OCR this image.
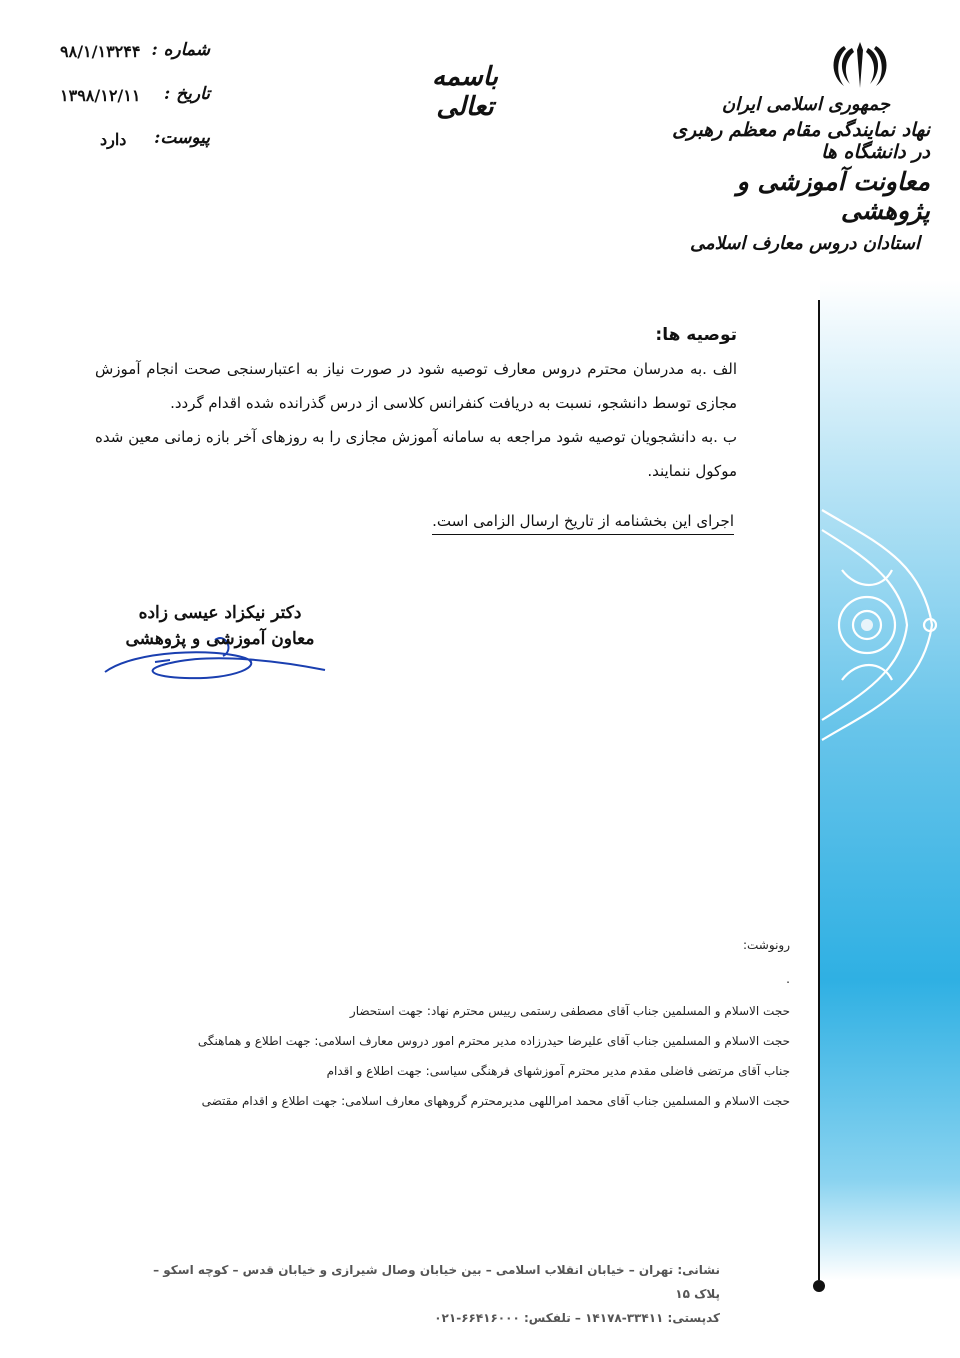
شماره :
۹۸/۱/۱۳۲۴۴
تاریخ :
۱۳۹۸/۱۲/۱۱
پیوست:
دارد
باسمه تعالی	جمهوری اسلامی ایران
نهاد نمایندگی مقام معظم رهبری در دانشگاه ها
معاونت آموزشی و پژوهشی
استادان دروس معارف اسلامی

توصیه ها:

الف .به مدرسان محترم دروس معارف توصیه شود در صورت نیاز به اعتبارسنجی صحت انجام آموزش مجازی توسط دانشجو، نسبت به دریافت کنفرانس کلاسی از درس گذرانده شده اقدام گردد.

ب .به دانشجویان توصیه شود مراجعه به سامانه آموزش مجازی را به روزهای آخر بازه زمانی معین شده موکول ننمایند.

اجرای این بخشنامه از تاریخ ارسال الزامی است.
دکتر نیکزاد عیسی زاده
معاون آموزشی و پژوهشی

رونوشت:

.

حجت الاسلام و المسلمین جناب آقای مصطفی رستمی رییس محترم نهاد: جهت استحضار

حجت الاسلام و المسلمین جناب آقای علیرضا حیدرزاده مدیر محترم امور دروس معارف اسلامی: جهت اطلاع و هماهنگی

جناب آقای مرتضی فاضلی مقدم مدیر محترم آموزشهای فرهنگی سیاسی: جهت اطلاع و اقدام

حجت الاسلام و المسلمین جناب آقای محمد امراللهی مدیرمحترم گروههای معارف اسلامی: جهت اطلاع و اقدام مقتضی

نشانی: تهران – خیابان انقلاب اسلامی – بین خیابان وصال شیرازی و خیابان قدس – کوچه اسکو – پلاک ۱۵

کدپستی: ۳۳۴۱۱-۱۴۱۷۸ – تلفکس: ۶۶۴۱۶۰۰۰-۰۲۱
